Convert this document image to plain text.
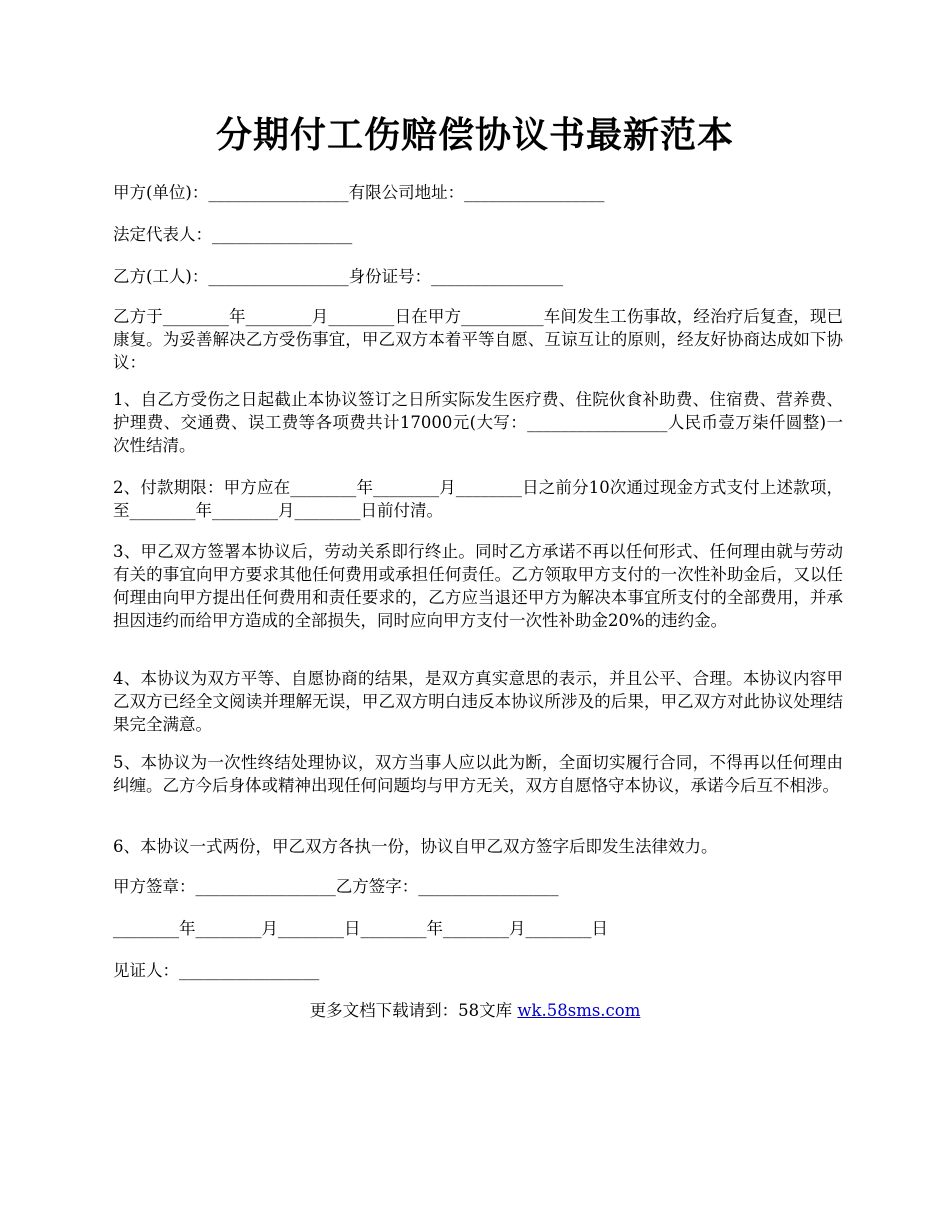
分期付工伤赔偿协议书最新范本
甲方(单位)：_________________有限公司地址：_________________
法定代表人：_________________
乙方(工人)：_________________身份证号：________________
乙方于________年________月________日在甲方__________车间发生工伤事故，经治疗后复查，现已康复。为妥善解决乙方受伤事宜，甲乙双方本着平等自愿、互谅互让的原则，经友好协商达成如下协议：
1、自乙方受伤之日起截止本协议签订之日所实际发生医疗费、住院伙食补助费、住宿费、营养费、护理费、交通费、误工费等各项费共计17000元(大写：_________________人民币壹万柒仟圆整)一次性结清。
2、付款期限：甲方应在________年________月________日之前分10次通过现金方式支付上述款项，至________年________月________日前付清。
3、甲乙双方签署本协议后，劳动关系即行终止。同时乙方承诺不再以任何形式、任何理由就与劳动有关的事宜向甲方要求其他任何费用或承担任何责任。乙方领取甲方支付的一次性补助金后，又以任何理由向甲方提出任何费用和责任要求的，乙方应当退还甲方为解决本事宜所支付的全部费用，并承担因违约而给甲方造成的全部损失，同时应向甲方支付一次性补助金20%的违约金。
4、本协议为双方平等、自愿协商的结果，是双方真实意思的表示，并且公平、合理。本协议内容甲乙双方已经全文阅读并理解无误，甲乙双方明白违反本协议所涉及的后果，甲乙双方对此协议处理结果完全满意。
5、本协议为一次性终结处理协议，双方当事人应以此为断，全面切实履行合同，不得再以任何理由纠缠。乙方今后身体或精神出现任何问题均与甲方无关，双方自愿恪守本协议，承诺今后互不相涉。
6、本协议一式两份，甲乙双方各执一份，协议自甲乙双方签字后即发生法律效力。
甲方签章：_________________乙方签字：_________________
________年________月________日________年________月________日
见证人：_________________
更多文档下载请到：58文库 wk.58sms.com
